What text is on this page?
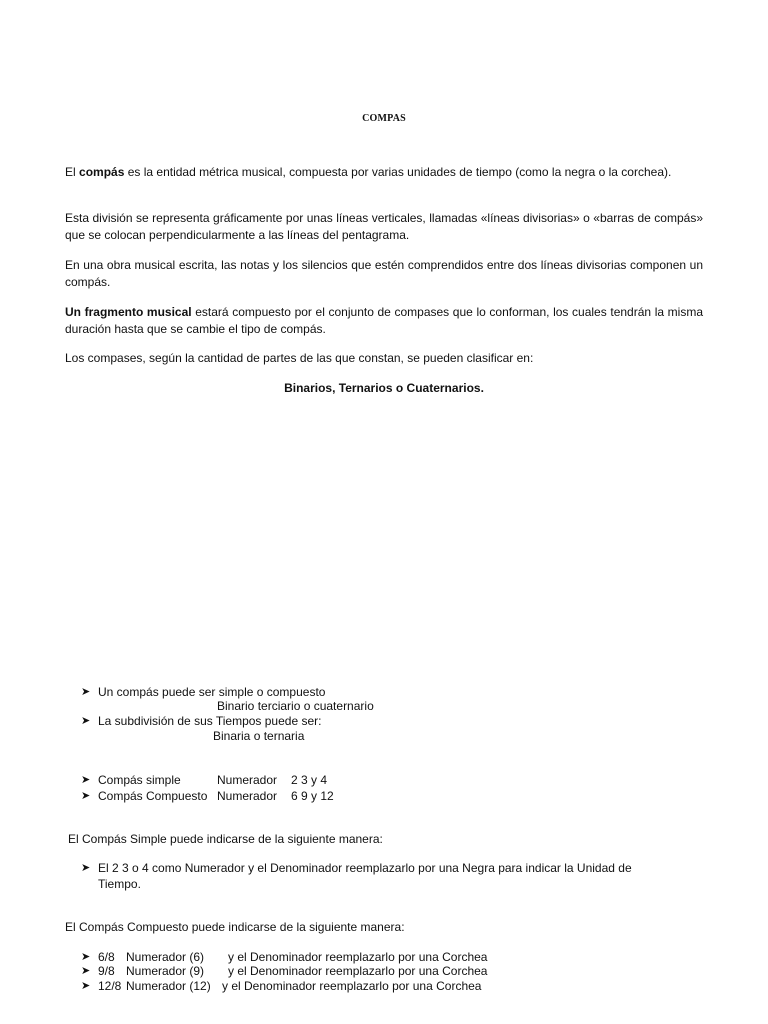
COMPAS
El compás es la entidad métrica musical, compuesta por varias unidades de tiempo (como la negra o la corchea).
Esta división se representa gráficamente por unas líneas verticales, llamadas «líneas divisorias» o «barras de compás» que se colocan perpendicularmente a las líneas del pentagrama.
En una obra musical escrita, las notas y los silencios que estén comprendidos entre dos líneas divisorias componen un compás.
Un fragmento musical estará compuesto por el conjunto de compases que lo conforman, los cuales tendrán la misma duración hasta que se cambie el tipo de compás.
Los compases, según la cantidad de partes de las que constan, se pueden clasificar en:
Binarios, Ternarios o Cuaternarios.
➤ Un compás puede ser simple o compuesto
Binario terciario o cuaternario
➤ La subdivisión de sus Tiempos puede ser:
Binaria o ternaria
➤ Compás simple	Numerador 2 3 y 4
➤ Compás Compuesto Numerador 6 9 y 12
El Compás Simple puede indicarse de la siguiente manera:
➤ El 2 3 o 4 como Numerador y el Denominador reemplazarlo por una Negra para indicar la Unidad de
Tiempo.
El Compás Compuesto puede indicarse de la siguiente manera:
➤ 6/8 Numerador (6) y el Denominador reemplazarlo por una Corchea
➤ 9/8 Numerador (9) y el Denominador reemplazarlo por una Corchea
➤ 12/8 Numerador (12) y el Denominador reemplazarlo por una Corchea
